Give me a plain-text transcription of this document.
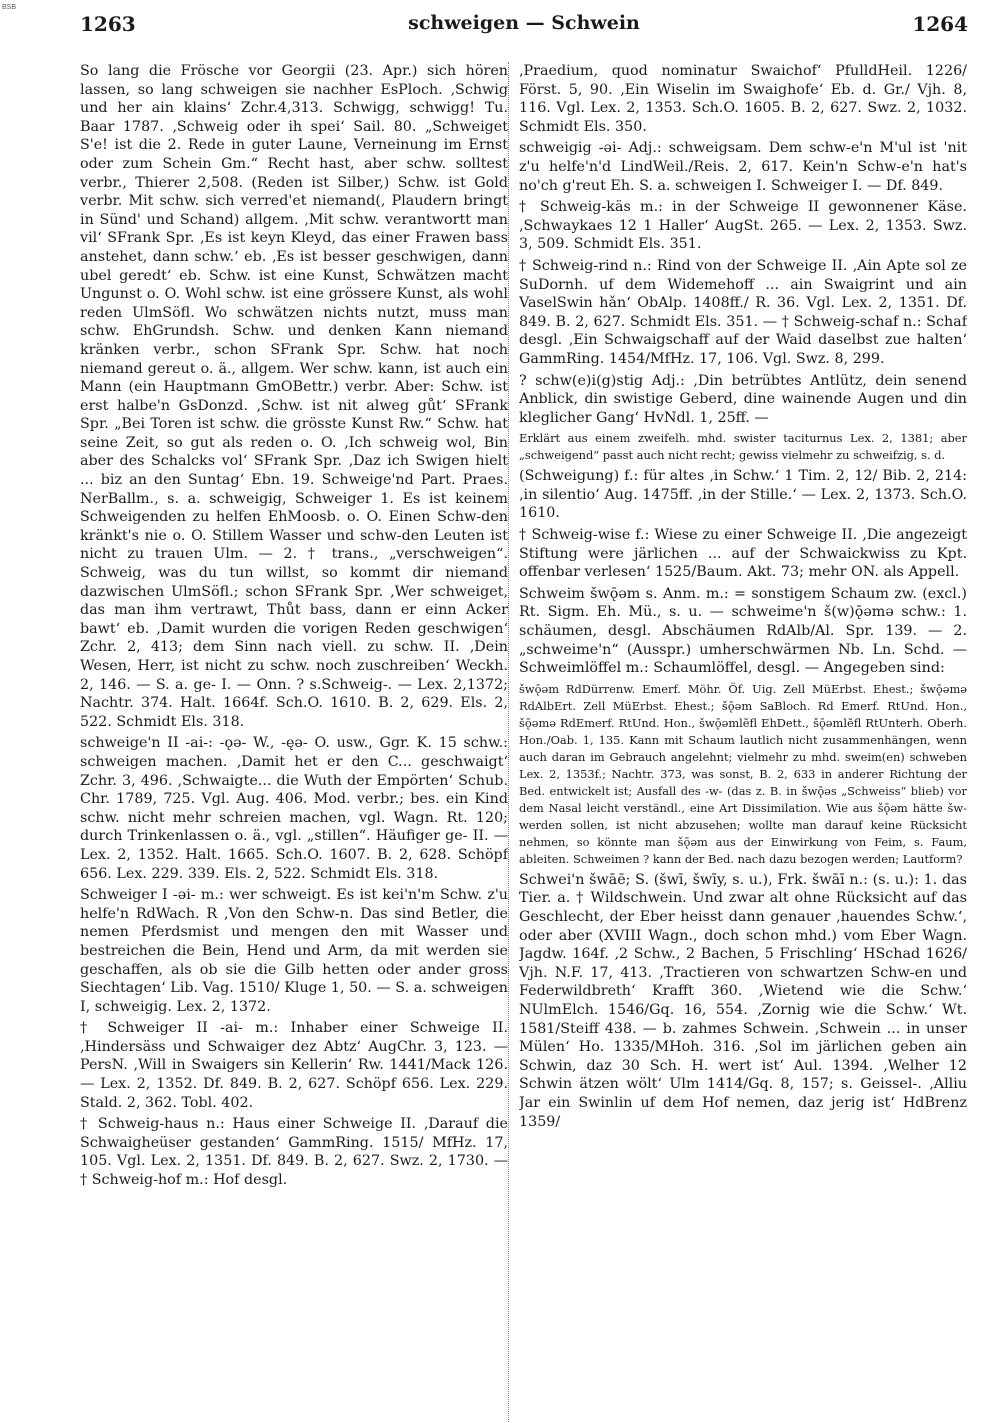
BSB
1263	schweigen — Schwein	1264

So lang die Frösche vor Georgii (23. Apr.) sich hören lassen, so lang schweigen sie nachher EsPloch. ‚Schwig und her ain klains‘ Zchr.4,313. Schwigg, schwigg! Tu. Baar 1787. ‚Schweig oder ih spei‘ Sail. 80. „Schweiget S'e! ist die 2. Rede in guter Laune, Verneinung im Ernst oder zum Schein Gm.“ Recht hast, aber schw. solltest verbr., Thierer 2,508. (Reden ist Silber,) Schw. ist Gold verbr. Mit schw. sich verred'et niemand(, Plaudern bringt in Sünd' und Schand) allgem. ‚Mit schw. verantwortt man vil‘ SFrank Spr. ‚Es ist keyn Kleyd, das einer Frawen bass anstehet, dann schw.‘ eb. ‚Es ist besser geschwigen, dann ubel geredt‘ eb. Schw. ist eine Kunst, Schwätzen macht Ungunst o. O. Wohl schw. ist eine grössere Kunst, als wohl reden UlmSöfl. Wo schwätzen nichts nutzt, muss man schw. EhGrundsh. Schw. und denken Kann niemand kränken verbr., schon SFrank Spr. Schw. hat noch niemand gereut o. ä., allgem. Wer schw. kann, ist auch ein Mann (ein Hauptmann GmOBettr.) verbr. Aber: Schw. ist erst halbe'n GsDonzd. ‚Schw. ist nit alweg gůt‘ SFrank Spr. „Bei Toren ist schw. die grösste Kunst Rw.“ Schw. hat seine Zeit, so gut als reden o. O. ‚Ich schweig wol, Bin aber des Schalcks vol‘ SFrank Spr. ‚Daz ich Swigen hielt ... biz an den Suntag‘ Ebn. 19. Schweige'nd Part. Praes. NerBallm., s. a. schweigig, Schweiger 1. Es ist keinem Schweigenden zu helfen EhMoosb. o. O. Einen Schw-den kränkt's nie o. O. Stillem Wasser und schw-den Leuten ist nicht zu trauen Ulm. — 2. † trans., „verschweigen“. Schweig, was du tun willst, so kommt dir niemand dazwischen UlmSöfl.; schon SFrank Spr. ‚Wer schweiget, das man ihm vertrawt, Thůt bass, dann er einn Acker bawt‘ eb. ‚Damit wurden die vorigen Reden geschwigen‘ Zchr. 2, 413; dem Sinn nach viell. zu schw. II. ‚Dein Wesen, Herr, ist nicht zu schw. noch zuschreiben‘ Weckh. 2, 146. — S. a. ge- I. — Onn. ? s.Schweig-. — Lex. 2,1372; Nachtr. 374. Halt. 1664f. Sch.O. 1610. B. 2, 629. Els. 2, 522. Schmidt Els. 318.

schweige'n II -ai-: -ǫə- W., -ęə- O. usw., Ggr. K. 15 schw.: schweigen machen. ‚Damit het er den C... geschwaigt‘ Zchr. 3, 496. ‚Schwaigte... die Wuth der Empörten‘ Schub. Chr. 1789, 725. Vgl. Aug. 406. Mod. verbr.; bes. ein Kind schw. nicht mehr schreien machen, vgl. Wagn. Rt. 120; durch Trinkenlassen o. ä., vgl. „stillen“. Häufiger ge- II. — Lex. 2, 1352. Halt. 1665. Sch.O. 1607. B. 2, 628. Schöpf 656. Lex. 229. 339. Els. 2, 522. Schmidt Els. 318.

Schweiger I -əi- m.: wer schweigt. Es ist kei'n'm Schw. z'u helfe'n RdWach. R ‚Von den Schw-n. Das sind Betler, die nemen Pferdsmist und mengen den mit Wasser und bestreichen die Bein, Hend und Arm, da mit werden sie geschaffen, als ob sie die Gilb hetten oder ander gross Siechtagen‘ Lib. Vag. 1510/ Kluge 1, 50. — S. a. schweigen I, schweigig. Lex. 2, 1372.

† Schweiger II -ai- m.: Inhaber einer Schweige II. ‚Hindersäss und Schwaiger dez Abtz‘ AugChr. 3, 123. — PersN. ‚Will in Swaigers sin Kellerin‘ Rw. 1441/Mack 126. — Lex. 2, 1352. Df. 849. B. 2, 627. Schöpf 656. Lex. 229. Stald. 2, 362. Tobl. 402.

† Schweig-haus n.: Haus einer Schweige II. ‚Darauf die Schwaigheüser gestanden‘ GammRing. 1515/ MfHz. 17, 105. Vgl. Lex. 2, 1351. Df. 849. B. 2, 627. Swz. 2, 1730. — † Schweig-hof m.: Hof desgl.

‚Praedium, quod nominatur Swaichof‘ PfulldHeil. 1226/ Först. 5, 90. ‚Ein Wiselin im Swaighofe‘ Eb. d. Gr./ Vjh. 8, 116. Vgl. Lex. 2, 1353. Sch.O. 1605. B. 2, 627. Swz. 2, 1032. Schmidt Els. 350.

schweigig -əi- Adj.: schweigsam. Dem schw-e'n M'ul ist 'nit z'u helfe'n'd LindWeil./Reis. 2, 617. Kein'n Schw-e'n hat's no'ch g'reut Eh. S. a. schweigen I. Schweiger I. — Df. 849.

† Schweig-käs m.: in der Schweige II gewonnener Käse. ‚Schwaykaes 12 1 Haller‘ AugSt. 265. — Lex. 2, 1353. Swz. 3, 509. Schmidt Els. 351.

† Schweig-rind n.: Rind von der Schweige II. ‚Ain Apte sol ze SuDornh. uf dem Widemehoff ... ain Swaigrint und ain VaselSwin hǎn‘ ObAlp. 1408ff./ R. 36. Vgl. Lex. 2, 1351. Df. 849. B. 2, 627. Schmidt Els. 351. — † Schweig-schaf n.: Schaf desgl. ‚Ein Schwaigschaff auf der Waid daselbst zue halten‘ GammRing. 1454/MfHz. 17, 106. Vgl. Swz. 8, 299.

? schw(e)i(g)stig Adj.: ‚Din betrübtes Antlütz, dein senend Anblick, din swistige Geberd, dine wainende Augen und din kleglicher Gang‘ HvNdl. 1, 25ff. —

Erklärt aus einem zweifelh. mhd. swister taciturnus Lex. 2, 1381; aber „schweigend“ passt auch nicht recht; gewiss vielmehr zu schweifzig, s. d.

(Schweigung) f.: für altes ‚in Schw.‘ 1 Tim. 2, 12/ Bib. 2, 214: ‚in silentio‘ Aug. 1475ff. ‚in der Stille.‘ — Lex. 2, 1373. Sch.O. 1610.

† Schweig-wise f.: Wiese zu einer Schweige II. ‚Die angezeigt Stiftung were järlichen ... auf der Schwaickwiss zu Kpt. offenbar verlesen‘ 1525/Baum. Akt. 73; mehr ON. als Appell.

Schweim šwǭəm s. Anm. m.: = sonstigem Schaum zw. (excl.) Rt. Sigm. Eh. Mü., s. u. — schweime'n š(w)ǭəmə schw.: 1. schäumen, desgl. Abschäumen RdAlb/Al. Spr. 139. — 2. „schweime'n“ (Ausspr.) umherschwärmen Nb. Ln. Schd. — Schweimlöffel m.: Schaumlöffel, desgl. — Angegeben sind:

šwǭəm RdDürrenw. Emerf. Möhr. Öf. Uig. Zell MüErbst. Ehest.; šwǭəmə RdAlbErt. Zell MüErbst. Ehest.; šǭəm SaBloch. Rd Emerf. RtUnd. Hon., šǭəmə RdEmerf. RtUnd. Hon., šwǭəmlĕfl EhDett., šǭəmlĕfl RtUnterh. Oberh. Hon./Oab. 1, 135. Kann mit Schaum lautlich nicht zusammenhängen, wenn auch daran im Gebrauch angelehnt; vielmehr zu mhd. sweim(en) schweben Lex. 2, 1353f.; Nachtr. 373, was sonst, B. 2, 633 in anderer Richtung der Bed. entwickelt ist; Ausfall des -w- (das z. B. in šwǭəs „Schweiss“ blieb) vor dem Nasal leicht verständl., eine Art Dissimilation. Wie aus šǭəm hätte šw- werden sollen, ist nicht abzusehen; wollte man darauf keine Rücksicht nehmen, so könnte man šǭəm aus der Einwirkung von Feim, s. Faum, ableiten. Schweimen ? kann der Bed. nach dazu bezogen werden; Lautform?

Schwei'n šwāē; S. (šwī, šwīy, s. u.), Frk. šwāī n.: (s. u.): 1. das Tier. a. † Wildschwein. Und zwar alt ohne Rücksicht auf das Geschlecht, der Eber heisst dann genauer ‚hauendes Schw.‘, oder aber (XVIII Wagn., doch schon mhd.) vom Eber Wagn. Jagdw. 164f. ‚2 Schw., 2 Bachen, 5 Frischling‘ HSchad 1626/ Vjh. N.F. 17, 413. ‚Tractieren von schwartzen Schw-en und Federwildbreth‘ Krafft 360. ‚Wietend wie die Schw.‘ NUlmElch. 1546/Gq. 16, 554. ‚Zornig wie die Schw.‘ Wt. 1581/Steiff 438. — b. zahmes Schwein. ‚Schwein ... in unser Mülen‘ Ho. 1335/MHoh. 316. ‚Sol im järlichen geben ain Schwin, daz 30 Sch. H. wert ist‘ Aul. 1394. ‚Welher 12 Schwin ätzen wölt‘ Ulm 1414/Gq. 8, 157; s. Geissel-. ‚Alliu Jar ein Swinlin uf dem Hof nemen, daz jerig ist‘ HdBrenz 1359/
